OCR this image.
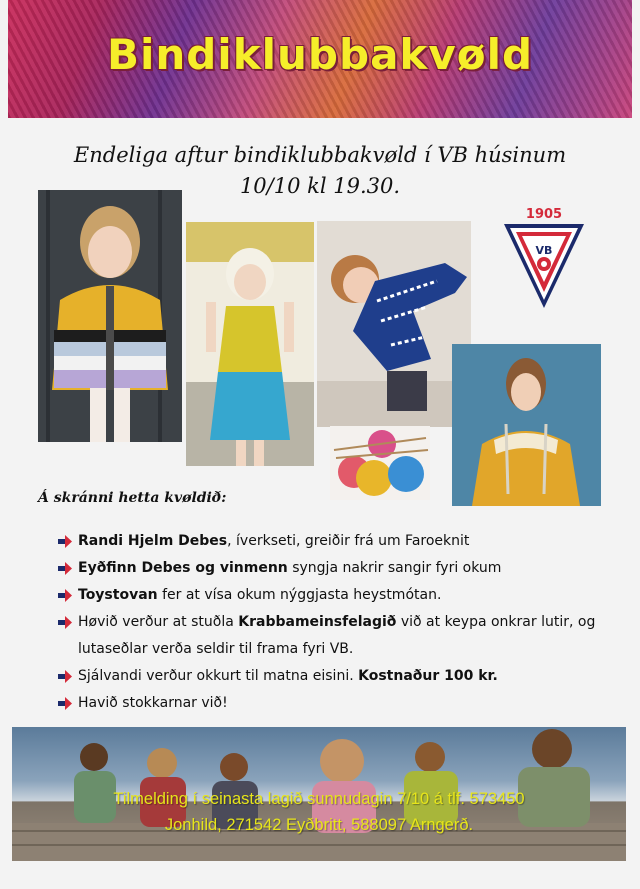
Bindiklubbakvøld
Endeliga aftur bindiklubbakvøld í VB húsinum
10/10 kl 19.30.
1905
VB
Á skránni hetta kvøldið:
Randi Hjelm Debes, íverkseti, greiðir frá um Faroeknit
Eyðfinn Debes og vinmenn syngja nakrir sangir fyri okum
Toystovan fer at vísa okum nýggjasta heystmótan.
Høvið verður at stuðla Krabbameinsfelagið við at keypa onkrar lutir, og lutaseðlar verða seldir til frama fyri VB.
Sjálvandi verður okkurt til matna eisini. Kostnaður 100 kr.
Havið stokkarnar við!
Tilmelding í seinasta lagið sunnudagin 7/10 á tlf. 573450
Jonhild, 271542 Eyðbritt, 588097 Arngerð.
